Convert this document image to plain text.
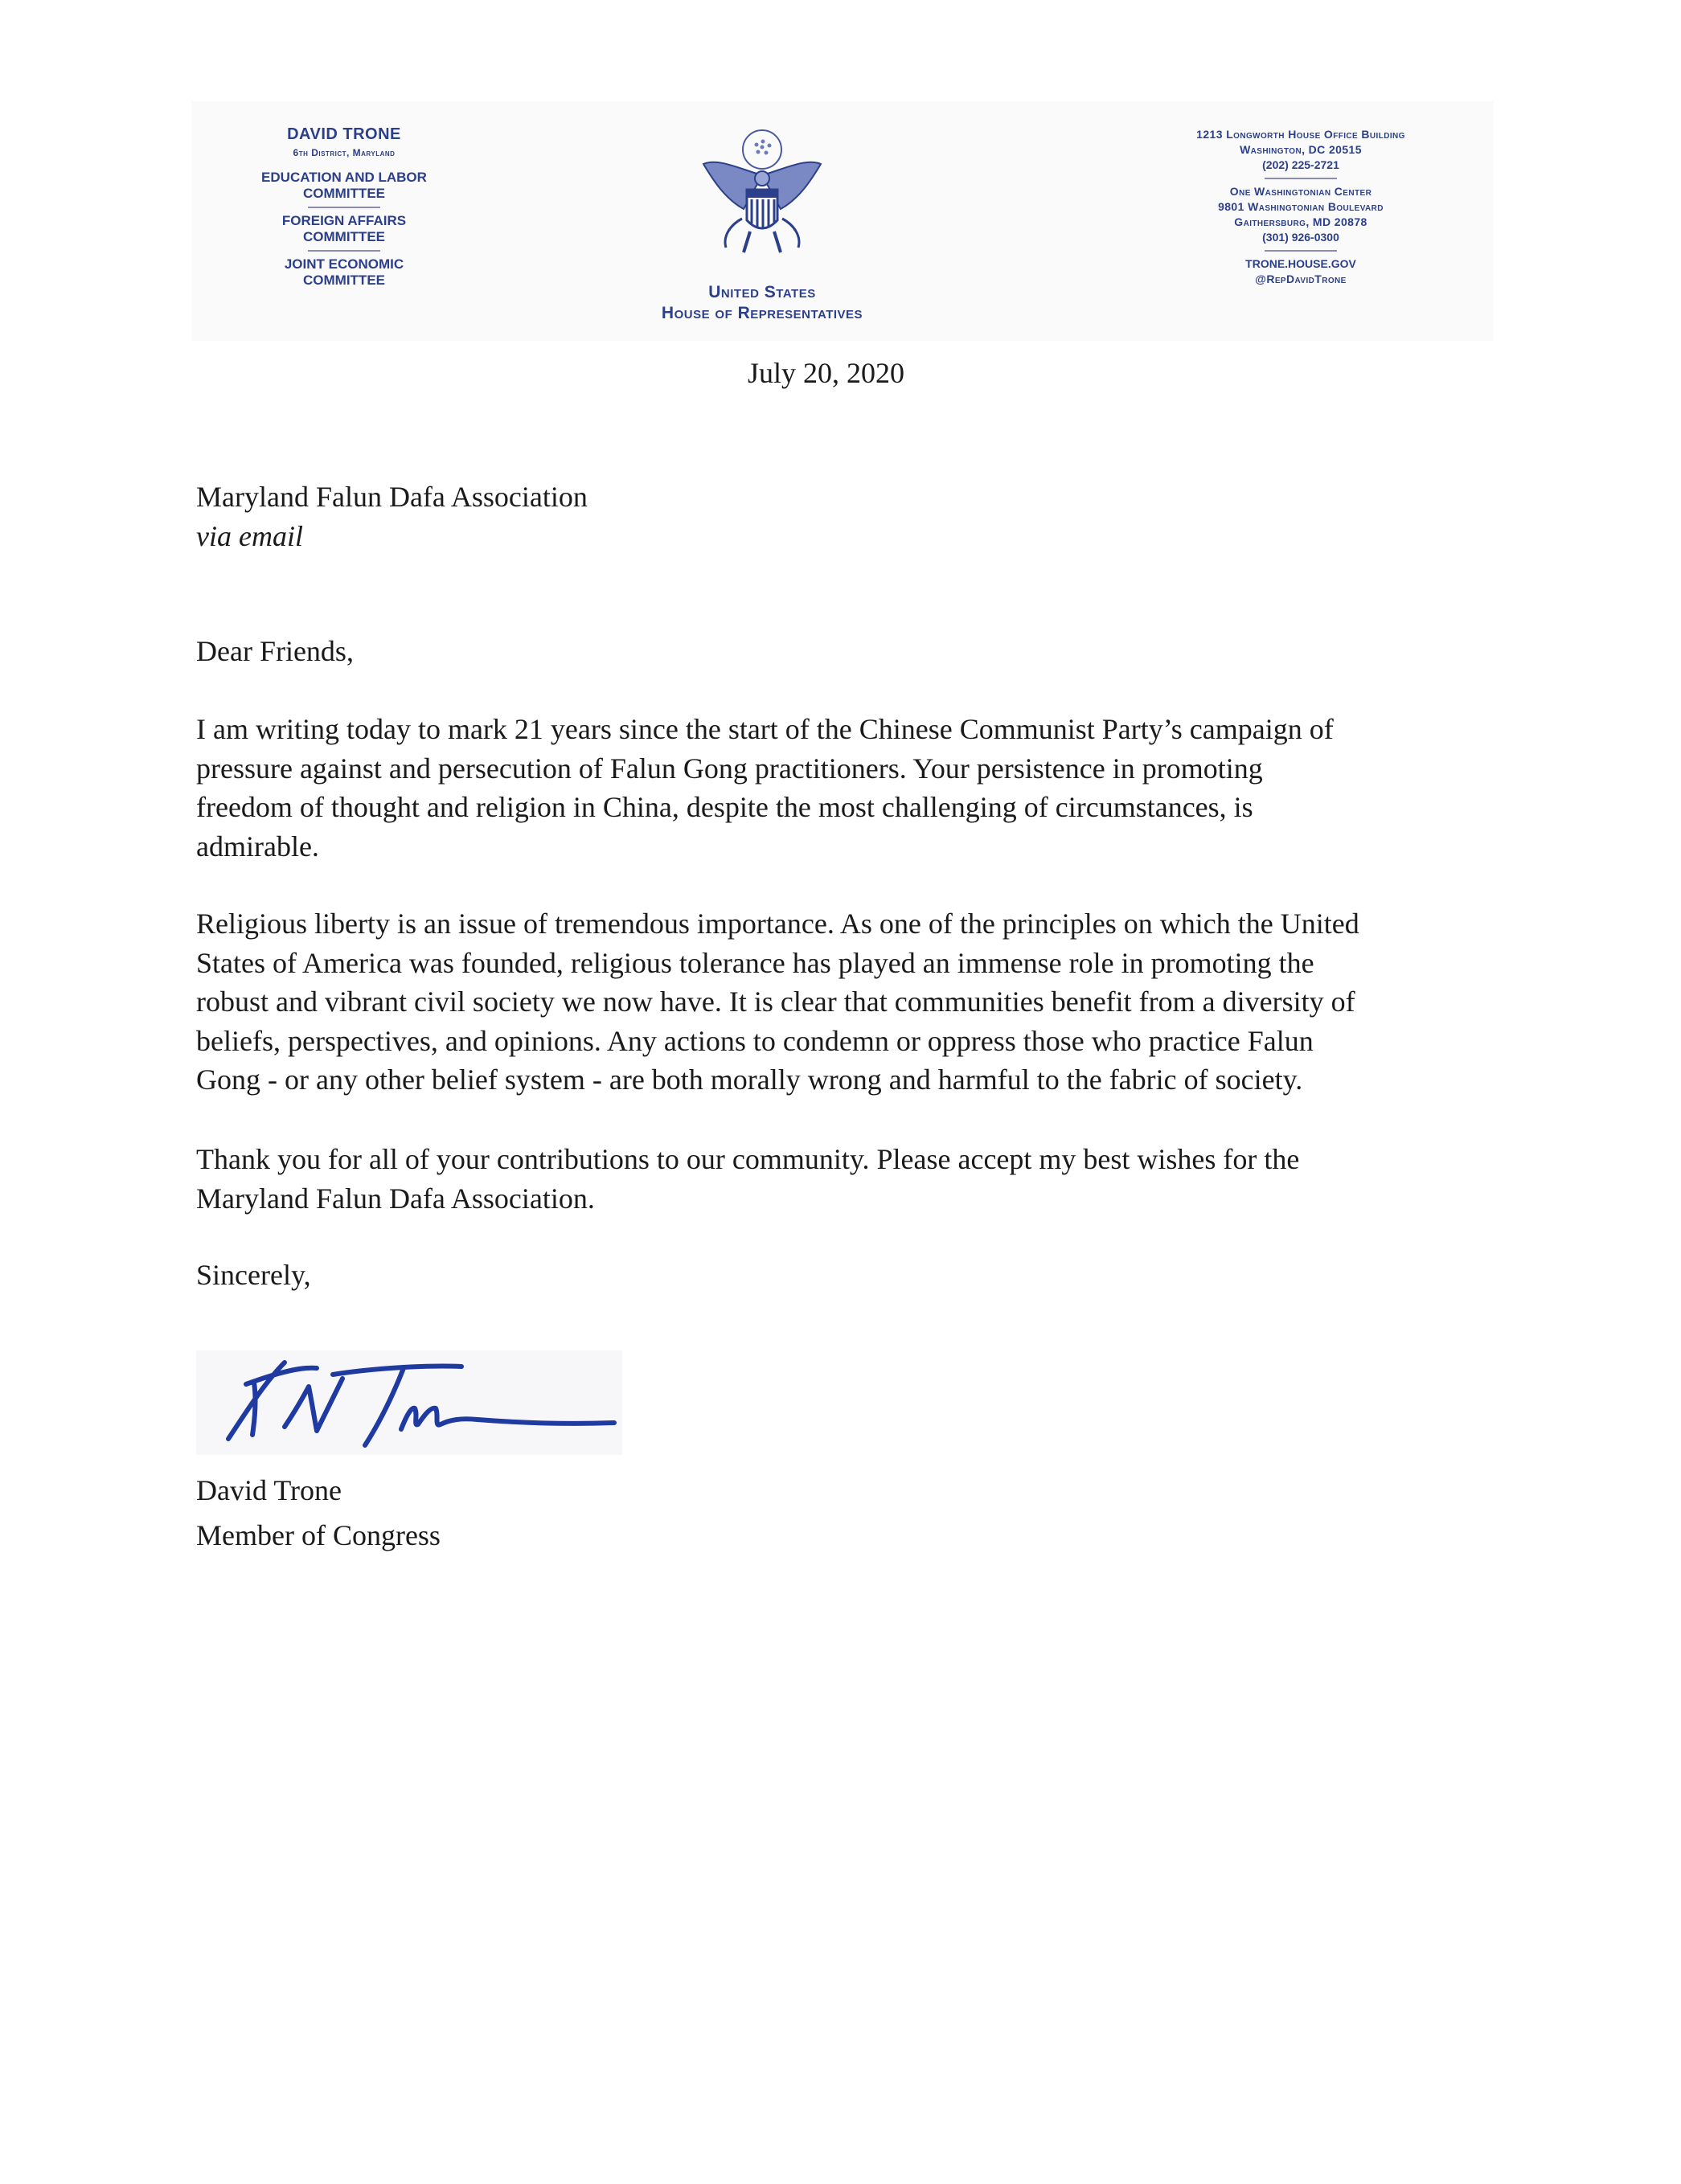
DAVID TRONE
6th District, Maryland
EDUCATION AND LABOR
COMMITTEE
FOREIGN AFFAIRS
COMMITTEE
JOINT ECONOMIC
COMMITTEE
United States
House of Representatives
1213 Longworth House Office Building
Washington, DC 20515
(202) 225-2721
One Washingtonian Center
9801 Washingtonian Boulevard
Gaithersburg, MD 20878
(301) 926-0300
TRONE.HOUSE.GOV
@RepDavidTrone
July 20, 2020
Maryland Falun Dafa Association
via email
Dear Friends,
I am writing today to mark 21 years since the start of the Chinese Communist Party’s campaign of
pressure against and persecution of Falun Gong practitioners. Your persistence in promoting
freedom of thought and religion in China, despite the most challenging of circumstances, is
admirable.
Religious liberty is an issue of tremendous importance. As one of the principles on which the United
States of America was founded, religious tolerance has played an immense role in promoting the
robust and vibrant civil society we now have. It is clear that communities benefit from a diversity of
beliefs, perspectives, and opinions. Any actions to condemn or oppress those who practice Falun
Gong - or any other belief system - are both morally wrong and harmful to the fabric of society.
Thank you for all of your contributions to our community. Please accept my best wishes for the
Maryland Falun Dafa Association.
Sincerely,
David Trone
Member of Congress
